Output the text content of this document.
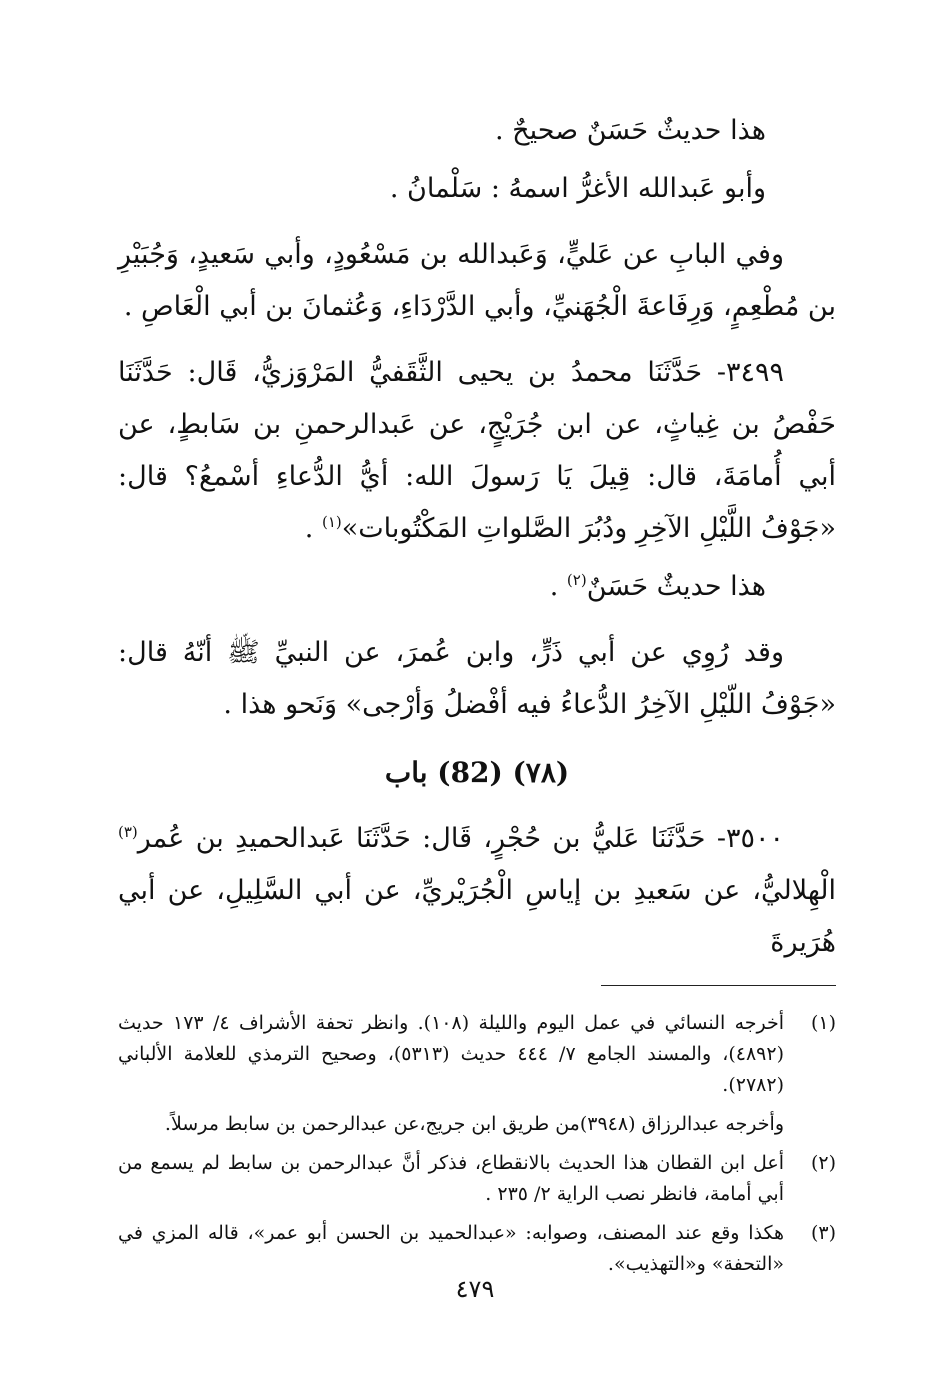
هذا حديثٌ حَسَنٌ صحيحٌ .

وأبو عَبدالله الأغرُّ اسمهُ : سَلْمانُ .

وفي البابِ عن عَليٍّ، وَعَبدالله بن مَسْعُودٍ، وأبي سَعيدٍ، وَجُبَيْرِ بن مُطْعِمٍ، وَرِفَاعةَ الْجُهَنيِّ، وأبي الدَّرْدَاءِ، وَعُثمانَ بن أبي الْعَاصِ .

٣٤٩٩- حَدَّثَنَا محمدُ بن يحيى الثَّقَفيُّ المَرْوَزيُّ، قَال: حَدَّثَنَا حَفْصُ بن غِياثٍ، عن ابن جُرَيْجٍ، عن عَبدالرحمنِ بن سَابطٍ، عن أبي أُمامَةَ، قال: قِيلَ يَا رَسولَ الله: أيُّ الدُّعاءِ أسْمعُ؟ قال: «جَوْفُ اللَّيْلِ الآخِرِ ودُبُرَ الصَّلواتِ المَكْتُوبات»$^{(١)}$ .

هذا حديثٌ حَسَنٌ$^{(٢)}$ .

وقد رُوِي عن أبي ذَرٍّ، وابن عُمرَ، عن النبيِّ ﷺ أنّهُ قال: «جَوْفُ اللّيْلِ الآخِرُ الدُّعاءُ فيه أفْضلُ وَأرْجى» وَنَحو هذا .

(٧٨) (82) باب

٣٥٠٠- حَدَّثَنَا عَليُّ بن حُجْرٍ، قَال: حَدَّثَنَا عَبدالحميدِ بن عُمر$^{(٣)}$ الْهِلاليُّ، عن سَعيدِ بن إياسِ الْجُرَيْريِّ، عن أبي السَّلِيلِ، عن أبي هُرَيرةَ

(١)
أخرجه النسائي في عمل اليوم والليلة (١٠٨). وانظر تحفة الأشراف ٤/ ١٧٣ حديث (٤٨٩٢)، والمسند الجامع ٧/ ٤٤٤ حديث (٥٣١٣)، وصحيح الترمذي للعلامة الألباني (٢٧٨٢).

وأخرجه عبدالرزاق (٣٩٤٨)من طريق ابن جريج،عن عبدالرحمن بن سابط مرسلاً.

(٢)
أعل ابن القطان هذا الحديث بالانقطاع، فذكر أنَّ عبدالرحمن بن سابط لم يسمع من أبي أمامة، فانظر نصب الراية ٢/ ٢٣٥ .

(٣)
هكذا وقع عند المصنف، وصوابه: «عبدالحميد بن الحسن أبو عمر»، قاله المزي في «التحفة» و«التهذيب».

٤٧٩
